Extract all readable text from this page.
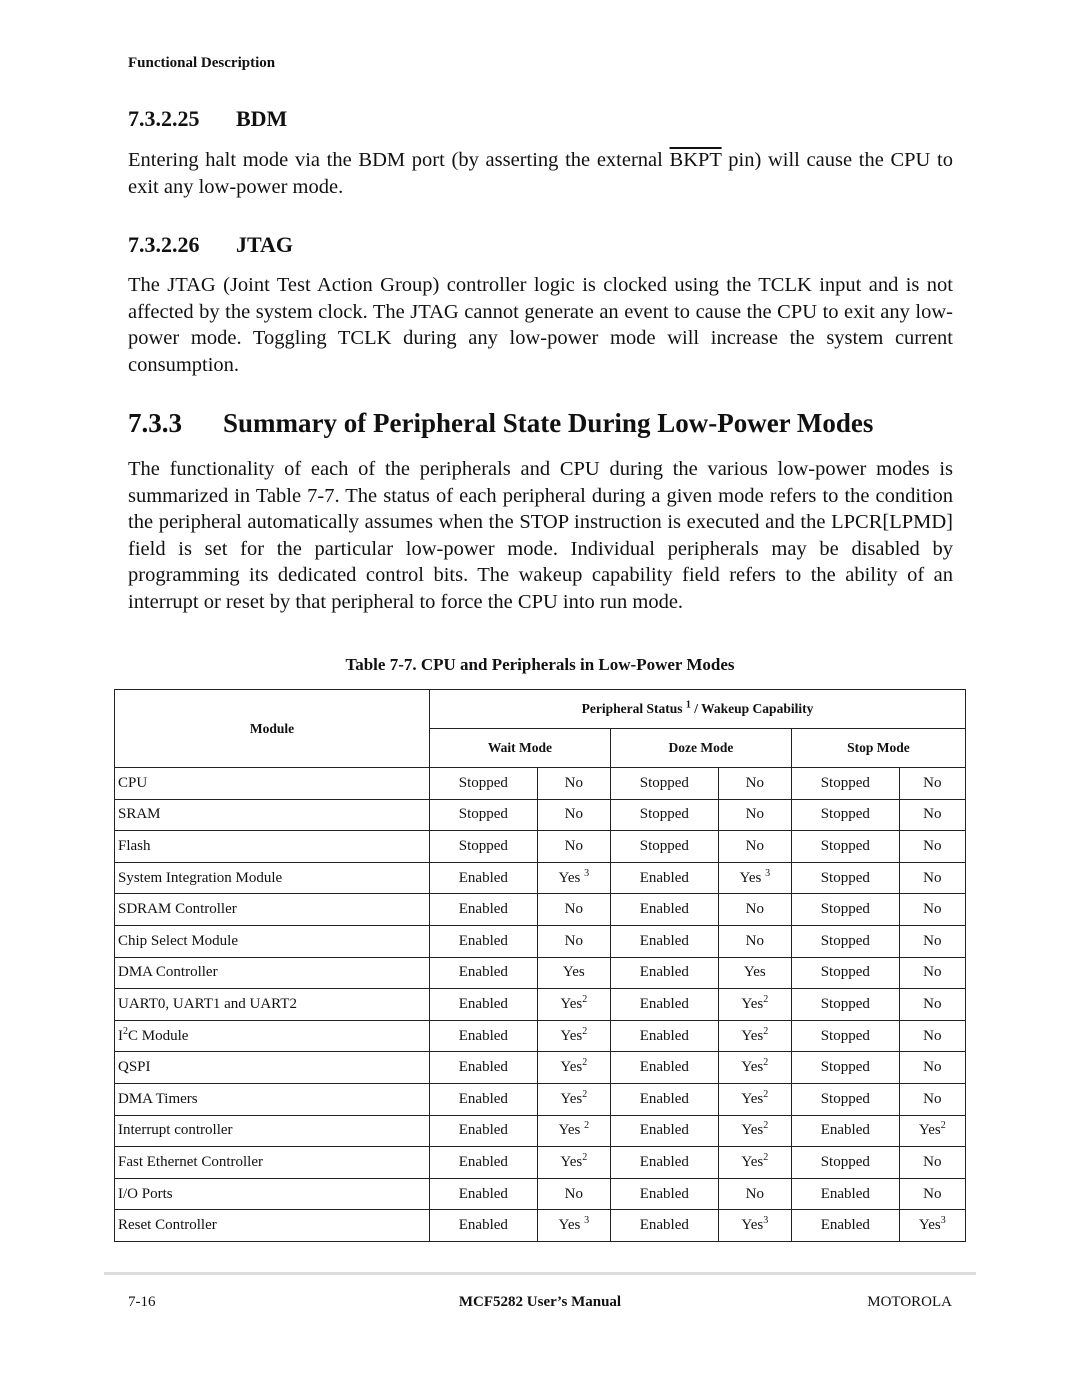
Functional Description
7.3.2.25 BDM

Entering halt mode via the BDM port (by asserting the external BKPT pin) will cause the CPU to exit any low-power mode.

7.3.2.26 JTAG

The JTAG (Joint Test Action Group) controller logic is clocked using the TCLK input and is not affected by the system clock. The JTAG cannot generate an event to cause the CPU to exit any low-power mode. Toggling TCLK during any low-power mode will increase the system current consumption.

7.3.3 Summary of Peripheral State During Low-Power Modes

The functionality of each of the peripherals and CPU during the various low-power modes is summarized in Table 7-7. The status of each peripheral during a given mode refers to the condition the peripheral automatically assumes when the STOP instruction is executed and the LPCR[LPMD] field is set for the particular low-power mode. Individual peripherals may be disabled by programming its dedicated control bits. The wakeup capability field refers to the ability of an interrupt or reset by that peripheral to force the CPU into run mode.

Table 7-7. CPU and Peripherals in Low-Power Modes
Module	Peripheral Status $^1$ / Wakeup Capability					
	Wait Mode		Doze Mode		Stop Mode	
CPU	Stopped	No	Stopped	No	Stopped	No
SRAM	Stopped	No	Stopped	No	Stopped	No
Flash	Stopped	No	Stopped	No	Stopped	No
System Integration Module	Enabled	Yes $^3$	Enabled	Yes $^3$	Stopped	No
SDRAM Controller	Enabled	No	Enabled	No	Stopped	No
Chip Select Module	Enabled	No	Enabled	No	Stopped	No
DMA Controller	Enabled	Yes	Enabled	Yes	Stopped	No
UART0, UART1 and UART2	Enabled	Yes$^2$	Enabled	Yes$^2$	Stopped	No
$I^2C$ Module	Enabled	Yes$^2$	Enabled	Yes$^2$	Stopped	No
QSPI	Enabled	Yes$^2$	Enabled	Yes$^2$	Stopped	No
DMA Timers	Enabled	Yes$^2$	Enabled	Yes$^2$	Stopped	No
Interrupt controller	Enabled	Yes $^2$	Enabled	Yes$^2$	Enabled	Yes$^2$
Fast Ethernet Controller	Enabled	Yes$^2$	Enabled	Yes$^2$	Stopped	No
I/O Ports	Enabled	No	Enabled	No	Enabled	No
Reset Controller	Enabled	Yes $^3$	Enabled	Yes$^3$	Enabled	Yes$^3$
7-16	MCF5282 User’s Manual	MOTOROLA
